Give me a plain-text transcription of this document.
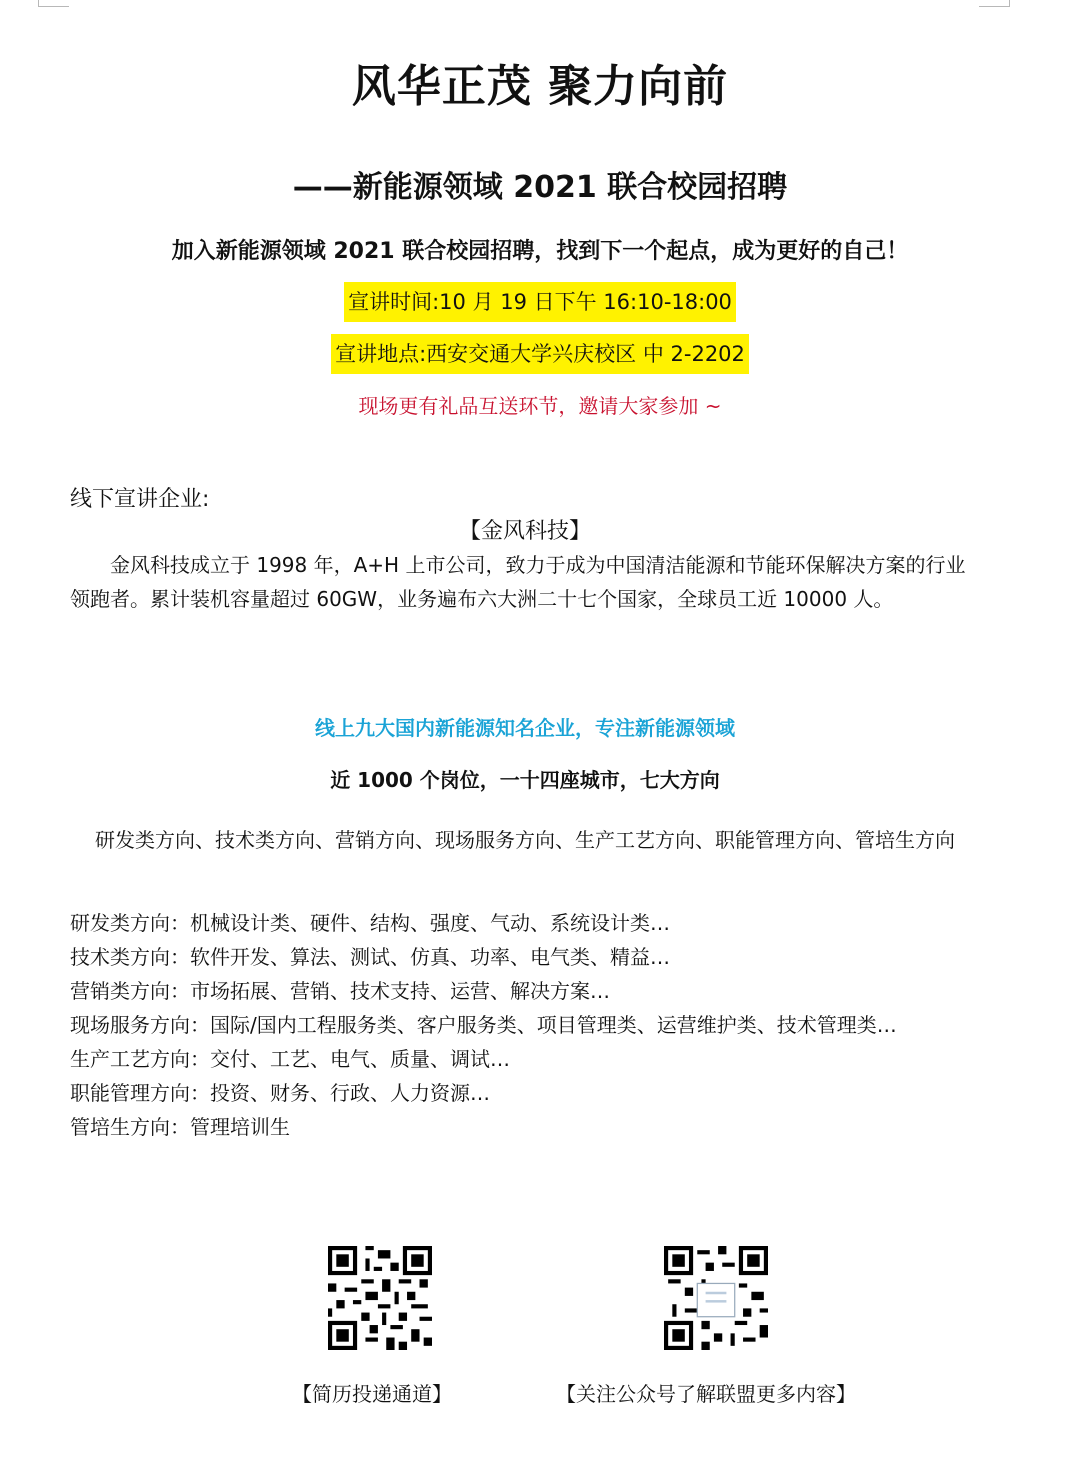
风华正茂 聚力向前
——新能源领域 2021 联合校园招聘
加入新能源领域 2021 联合校园招聘，找到下一个起点，成为更好的自己！
宣讲时间:10 月 19 日下午 16:10-18:00
宣讲地点:西安交通大学兴庆校区 中 2-2202
现场更有礼品互送环节，邀请大家参加 ~
线下宣讲企业:
【金风科技】
金风科技成立于 1998 年，A+H 上市公司，致力于成为中国清洁能源和节能环保解决方案的行业领跑者。累计装机容量超过 60GW，业务遍布六大洲二十七个国家，全球员工近 10000 人。
线上九大国内新能源知名企业，专注新能源领域
近 1000 个岗位，一十四座城市，七大方向
研发类方向、技术类方向、营销方向、现场服务方向、生产工艺方向、职能管理方向、管培生方向
研发类方向：机械设计类、硬件、结构、强度、气动、系统设计类…
技术类方向：软件开发、算法、测试、仿真、功率、电气类、精益…
营销类方向：市场拓展、营销、技术支持、运营、解决方案…
现场服务方向：国际/国内工程服务类、客户服务类、项目管理类、运营维护类、技术管理类…
生产工艺方向：交付、工艺、电气、质量、调试…
职能管理方向：投资、财务、行政、人力资源…
管培生方向：管理培训生
【简历投递通道】	【关注公众号了解联盟更多内容】
